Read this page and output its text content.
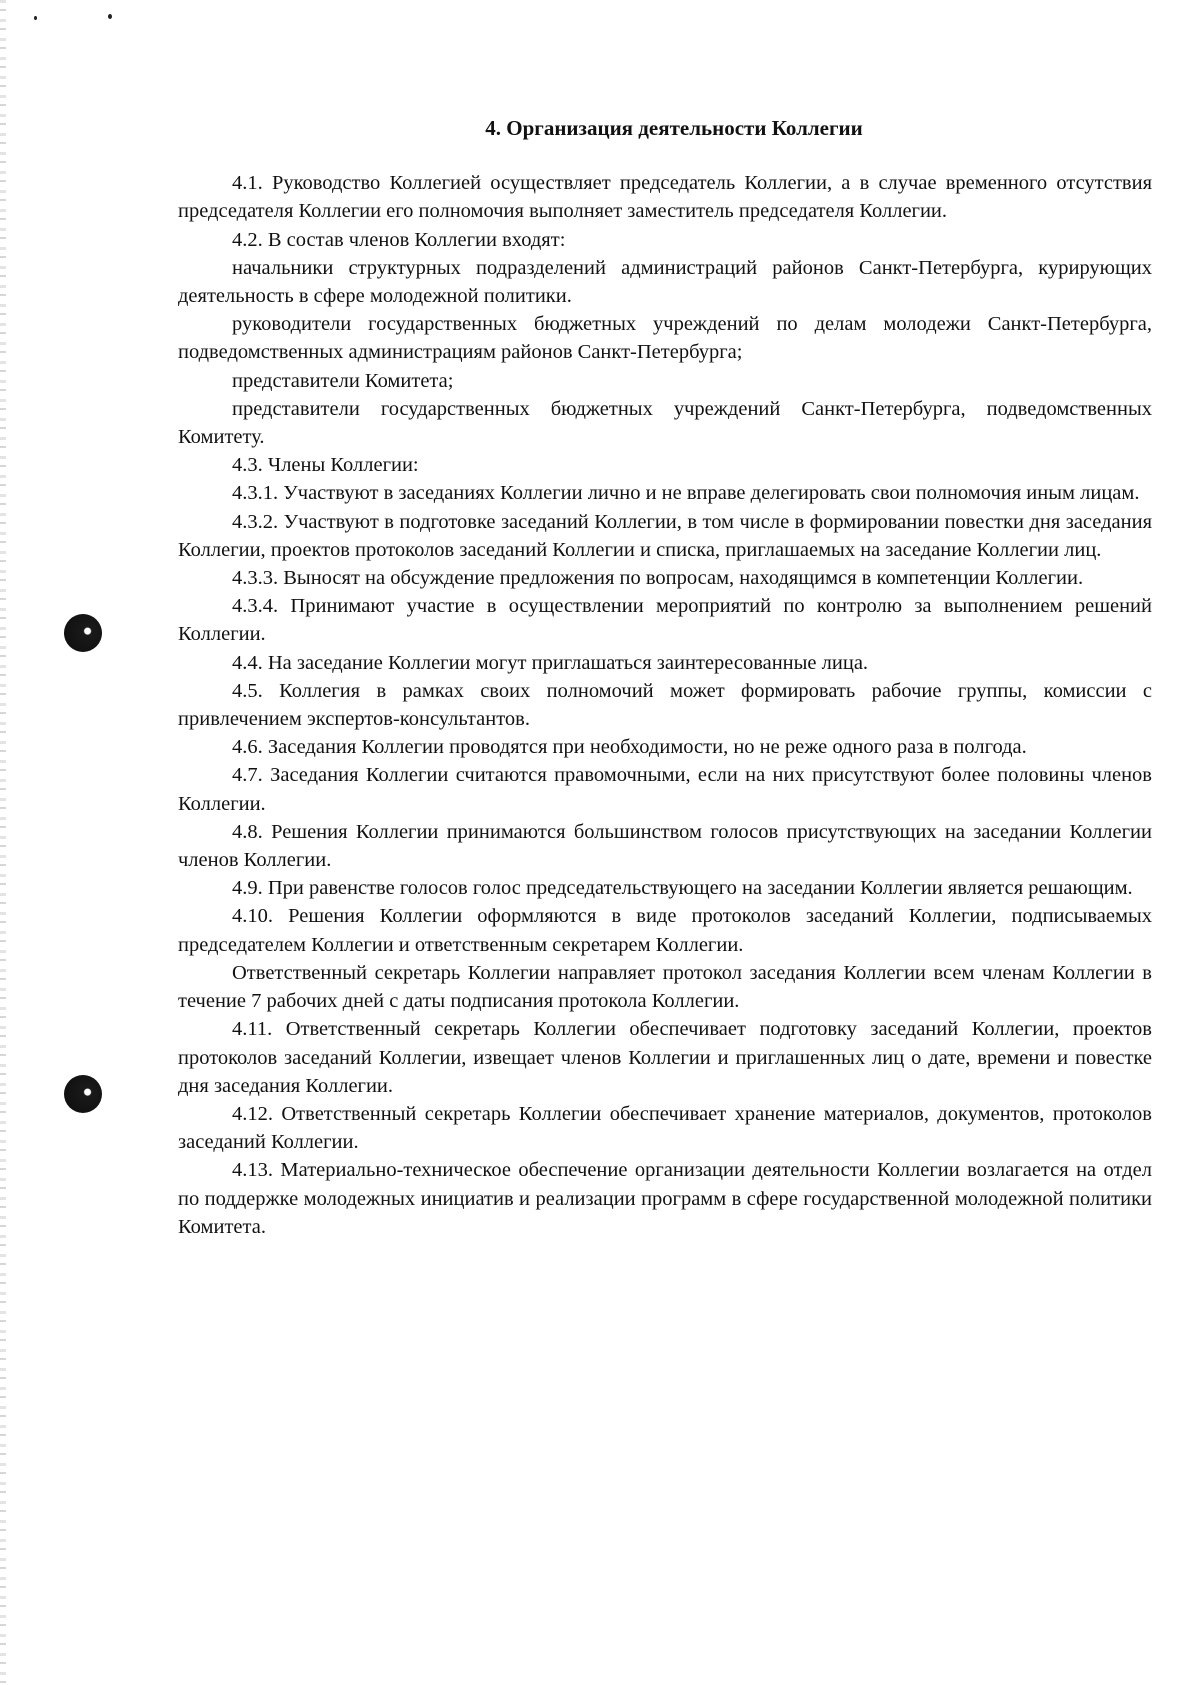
4. Организация деятельности Коллегии

4.1. Руководство Коллегией осуществляет председатель Коллегии, а в случае временного отсутствия председателя Коллегии его полномочия выполняет заместитель председателя Коллегии.

4.2. В состав членов Коллегии входят:

начальники структурных подразделений администраций районов Санкт-Петербурга, курирующих деятельность в сфере молодежной политики.

руководители государственных бюджетных учреждений по делам молодежи Санкт-Петербурга, подведомственных администрациям районов Санкт-Петербурга;

представители Комитета;

представители государственных бюджетных учреждений Санкт-Петербурга, подведомственных Комитету.

4.3. Члены Коллегии:

4.3.1. Участвуют в заседаниях Коллегии лично и не вправе делегировать свои полномочия иным лицам.

4.3.2. Участвуют в подготовке заседаний Коллегии, в том числе в формировании повестки дня заседания Коллегии, проектов протоколов заседаний Коллегии и списка, приглашаемых на заседание Коллегии лиц.

4.3.3. Выносят на обсуждение предложения по вопросам, находящимся в компетенции Коллегии.

4.3.4. Принимают участие в осуществлении мероприятий по контролю за выполнением решений Коллегии.

4.4. На заседание Коллегии могут приглашаться заинтересованные лица.

4.5. Коллегия в рамках своих полномочий может формировать рабочие группы, комиссии с привлечением экспертов-консультантов.

4.6. Заседания Коллегии проводятся при необходимости, но не реже одного раза в полгода.

4.7. Заседания Коллегии считаются правомочными, если на них присутствуют более половины членов Коллегии.

4.8. Решения Коллегии принимаются большинством голосов присутствующих на заседании Коллегии членов Коллегии.

4.9. При равенстве голосов голос председательствующего на заседании Коллегии является решающим.

4.10. Решения Коллегии оформляются в виде протоколов заседаний Коллегии, подписываемых председателем Коллегии и ответственным секретарем Коллегии.

Ответственный секретарь Коллегии направляет протокол заседания Коллегии всем членам Коллегии в течение 7 рабочих дней с даты подписания протокола Коллегии.

4.11. Ответственный секретарь Коллегии обеспечивает подготовку заседаний Коллегии, проектов протоколов заседаний Коллегии, извещает членов Коллегии и приглашенных лиц о дате, времени и повестке дня заседания Коллегии.

4.12. Ответственный секретарь Коллегии обеспечивает хранение материалов, документов, протоколов заседаний Коллегии.

4.13. Материально-техническое обеспечение организации деятельности Коллегии возлагается на отдел по поддержке молодежных инициатив и реализации программ в сфере государственной молодежной политики Комитета.
